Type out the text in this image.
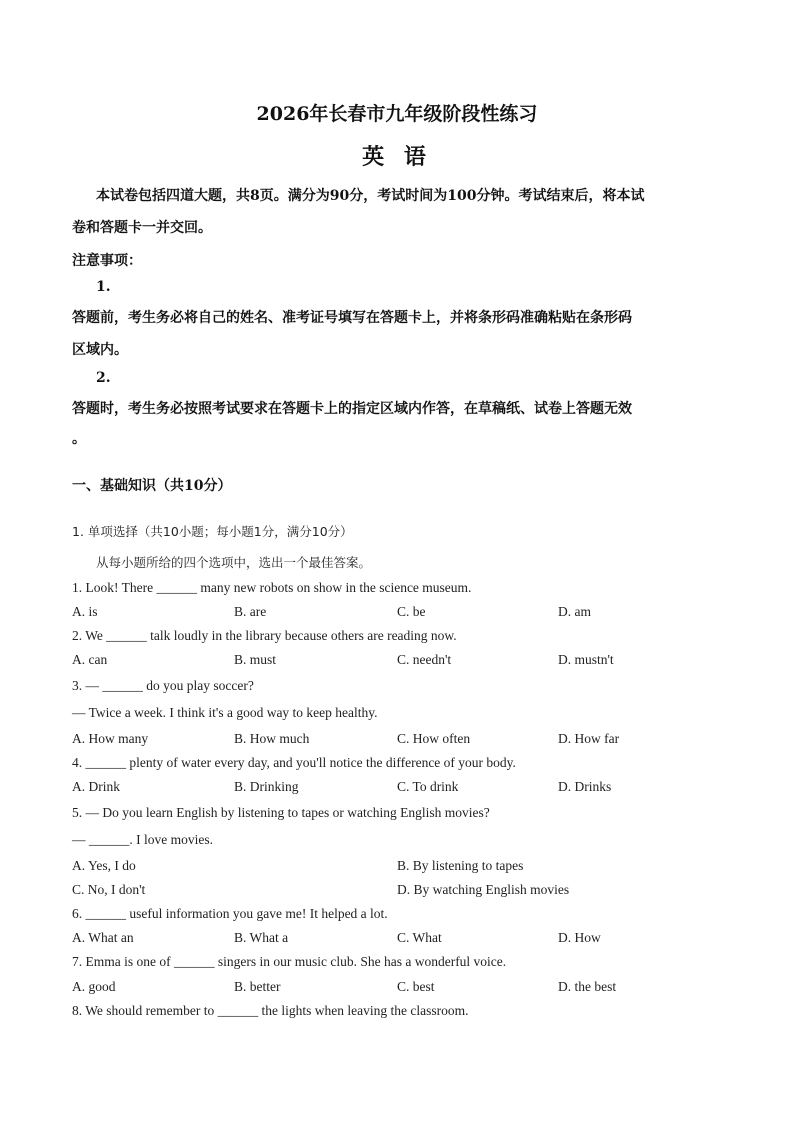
2026年长春市九年级阶段性练习
英 语
本试卷包括四道大题，共8页。满分为90分，考试时间为100分钟。考试结束后，将本试
卷和答题卡一并交回。
注意事项：
1.
答题前，考生务必将自己的姓名、准考证号填写在答题卡上，并将条形码准确粘贴在条形码
区域内。
2.
答题时，考生务必按照考试要求在答题卡上的指定区域内作答，在草稿纸、试卷上答题无效
。
一、基础知识（共10分）
1. 单项选择（共10小题；每小题1分，满分10分）
从每小题所给的四个选项中，选出一个最佳答案。
1. Look! There ______ many new robots on show in the science museum.
A. is	B. are	C. be	D. am
2. We ______ talk loudly in the library because others are reading now.
A. can	B. must	C. needn't	D. mustn't
3. — ______ do you play soccer?
— Twice a week. I think it's a good way to keep healthy.
A. How many	B. How much	C. How often	D. How far
4. ______ plenty of water every day, and you'll notice the difference of your body.
A. Drink	B. Drinking	C. To drink	D. Drinks
5. — Do you learn English by listening to tapes or watching English movies?
— ______. I love movies.
A. Yes, I do	B. By listening to tapes
C. No, I don't	D. By watching English movies
6. ______ useful information you gave me! It helped a lot.
A. What an	B. What a	C. What	D. How
7. Emma is one of ______ singers in our music club. She has a wonderful voice.
A. good	B. better	C. best	D. the best
8. We should remember to ______ the lights when leaving the classroom.
